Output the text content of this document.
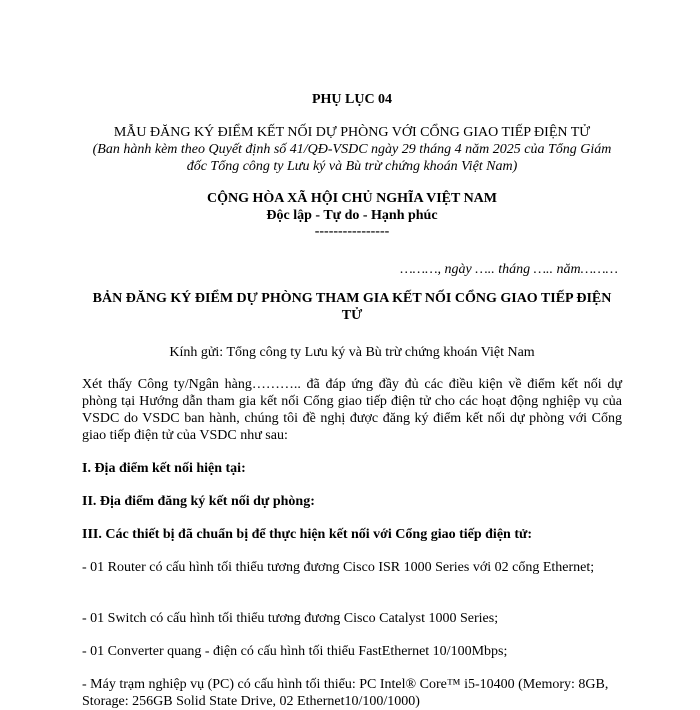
PHỤ LỤC 04
MẪU ĐĂNG KÝ ĐIỂM KẾT NỐI DỰ PHÒNG VỚI CỔNG GIAO TIẾP ĐIỆN TỬ
(Ban hành kèm theo Quyết định số 41/QĐ-VSDC ngày 29 tháng 4 năm 2025 của Tổng Giám đốc Tổng công ty Lưu ký và Bù trừ chứng khoán Việt Nam)
CỘNG HÒA XÃ HỘI CHỦ NGHĨA VIỆT NAM
Độc lập - Tự do - Hạnh phúc
----------------
………, ngày ….. tháng ….. năm………
BẢN ĐĂNG KÝ ĐIỂM DỰ PHÒNG THAM GIA KẾT NỐI CỔNG GIAO TIẾP ĐIỆN TỬ
Kính gửi: Tổng công ty Lưu ký và Bù trừ chứng khoán Việt Nam
Xét thấy Công ty/Ngân hàng……….. đã đáp ứng đầy đủ các điều kiện về điểm kết nối dự phòng tại Hướng dẫn tham gia kết nối Cổng giao tiếp điện tử cho các hoạt động nghiệp vụ của VSDC do VSDC ban hành, chúng tôi đề nghị được đăng ký điểm kết nối dự phòng với Cổng giao tiếp điện tử của VSDC như sau:
I. Địa điểm kết nối hiện tại:
II. Địa điểm đăng ký kết nối dự phòng:
III. Các thiết bị đã chuẩn bị để thực hiện kết nối với Cổng giao tiếp điện tử:
- 01 Router có cấu hình tối thiểu tương đương Cisco ISR 1000 Series với 02 cổng Ethernet;
- 01 Switch có cấu hình tối thiểu tương đương Cisco Catalyst 1000 Series;
- 01 Converter quang - điện có cấu hình tối thiểu FastEthernet 10/100Mbps;
- Máy trạm nghiệp vụ (PC) có cấu hình tối thiểu: PC Intel® Core™ i5-10400 (Memory: 8GB, Storage: 256GB Solid State Drive, 02 Ethernet10/100/1000)
